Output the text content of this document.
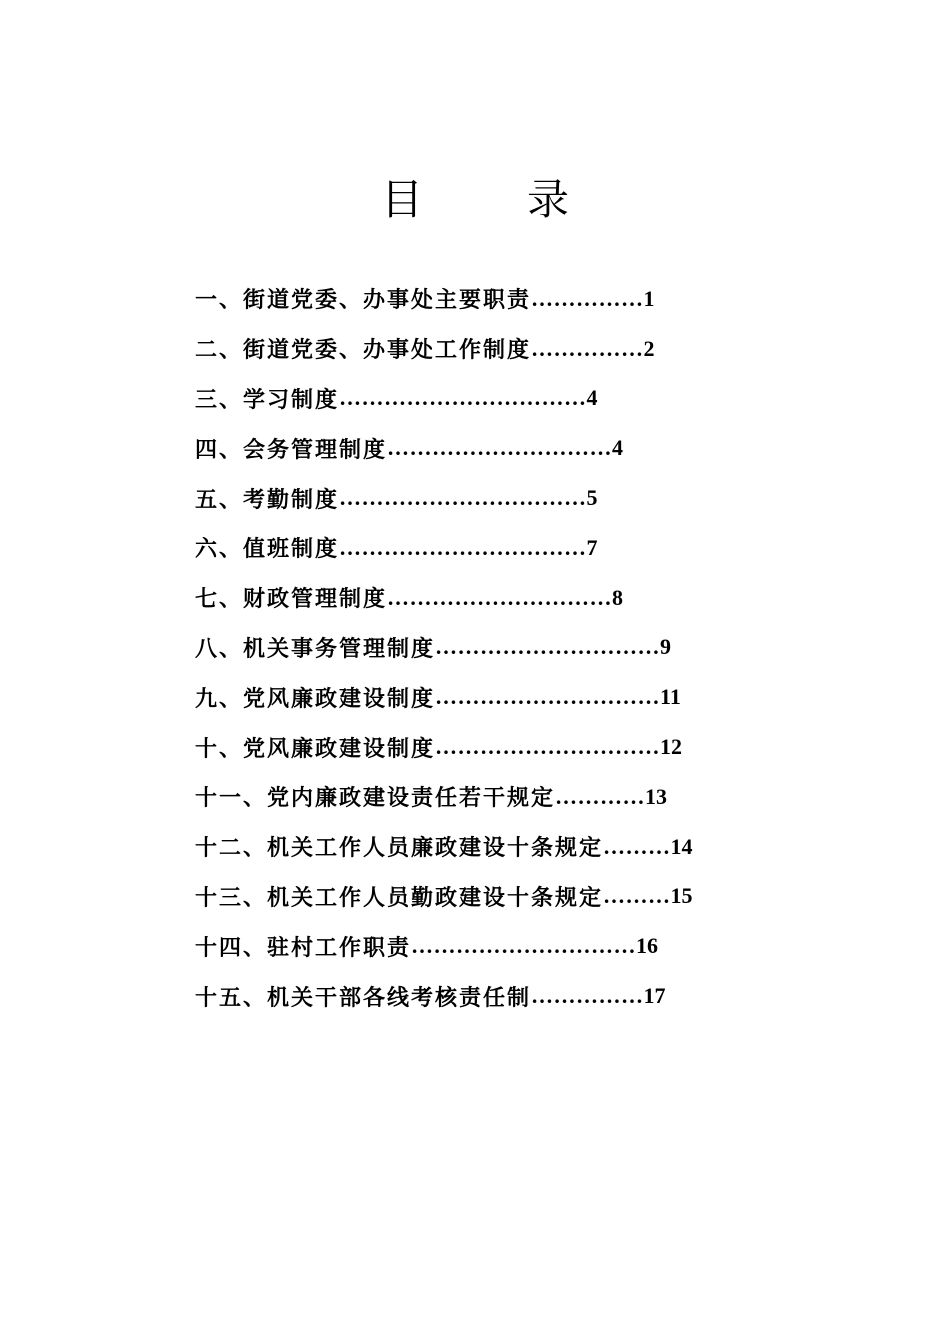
目 录
一、 街道党委、办事处主要职责 …………… 1
二、 街道党委、办事处工作制度 …………… 2
三、 学习制度 …………………………… 4
四、 会务管理制度 ………………………… 4
五、 考勤制度 …………………………… 5
六、 值班制度 …………………………… 7
七、 财政管理制度 ………………………… 8
八、 机关事务管理制度 ………………………… 9
九、 党风廉政建设制度 ………………………… 11
十、 党风廉政建设制度 ………………………… 12
十一、 党内廉政建设责任若干规定 ………… 13
十二、 机关工作人员廉政建设十条规定 ……… 14
十三、 机关工作人员勤政建设十条规定 ……… 15
十四、 驻村工作职责 ………………………… 16
十五、 机关干部各线考核责任制 …………… 17
